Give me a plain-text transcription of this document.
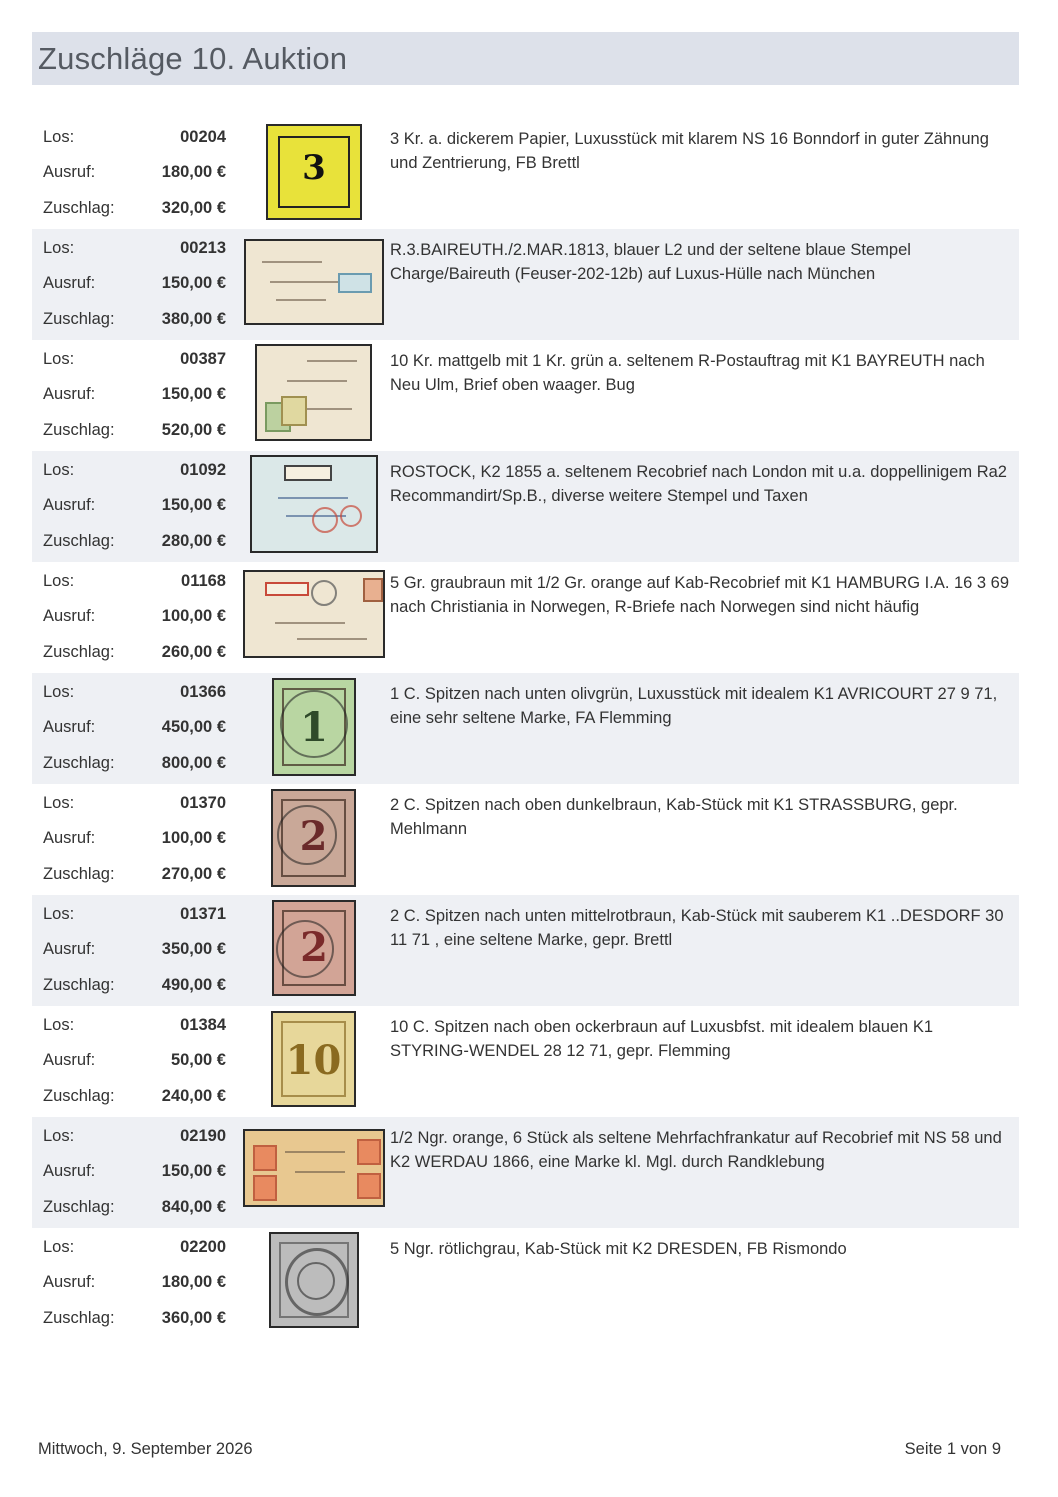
Zuschläge 10. Auktion
Los:	00204
Ausruf:	180,00 €
Zuschlag:	320,00 €
3
3 Kr. a. dickerem Papier, Luxusstück mit klarem NS 16 Bonndorf in guter Zähnung und Zentrierung, FB Brettl
Los:	00213
Ausruf:	150,00 €
Zuschlag:	380,00 €
R.3.BAIREUTH./2.MAR.1813, blauer L2 und der seltene blaue Stempel Charge/Baireuth (Feuser-202-12b) auf Luxus-Hülle nach München
Los:	00387
Ausruf:	150,00 €
Zuschlag:	520,00 €
10 Kr. mattgelb mit 1 Kr. grün a. seltenem R-Postauftrag mit K1 BAYREUTH nach Neu Ulm, Brief oben waager. Bug
Los:	01092
Ausruf:	150,00 €
Zuschlag:	280,00 €
ROSTOCK, K2 1855 a. seltenem Recobrief nach London mit u.a. doppellinigem Ra2 Recommandirt/Sp.B., diverse weitere Stempel und Taxen
Los:	01168
Ausruf:	100,00 €
Zuschlag:	260,00 €
5 Gr. graubraun mit 1/2 Gr. orange auf Kab-Recobrief mit K1 HAMBURG I.A. 16 3 69 nach Christiania in Norwegen, R-Briefe nach Norwegen sind nicht häufig
Los:	01366
Ausruf:	450,00 €
Zuschlag:	800,00 €
1
1 C. Spitzen nach unten olivgrün, Luxusstück mit idealem K1 AVRICOURT 27 9 71, eine sehr seltene Marke, FA Flemming
Los:	01370
Ausruf:	100,00 €
Zuschlag:	270,00 €
2
2 C. Spitzen nach oben dunkelbraun, Kab-Stück mit K1 STRASSBURG, gepr. Mehlmann
Los:	01371
Ausruf:	350,00 €
Zuschlag:	490,00 €
2
2 C. Spitzen nach unten mittelrotbraun, Kab-Stück mit sauberem K1 ..DESDORF 30 11 71 , eine seltene Marke, gepr. Brettl
Los:	01384
Ausruf:	50,00 €
Zuschlag:	240,00 €
10
10 C. Spitzen nach oben ockerbraun auf Luxusbfst. mit idealem blauen K1 STYRING-WENDEL 28 12 71, gepr. Flemming
Los:	02190
Ausruf:	150,00 €
Zuschlag:	840,00 €
1/2 Ngr. orange, 6 Stück als seltene Mehrfachfrankatur auf Recobrief mit NS 58 und K2 WERDAU 1866, eine Marke kl. Mgl. durch Randklebung
Los:	02200
Ausruf:	180,00 €
Zuschlag:	360,00 €
5 Ngr. rötlichgrau, Kab-Stück mit K2 DRESDEN, FB Rismondo
Mittwoch, 9. September 2026	Seite 1 von 9
